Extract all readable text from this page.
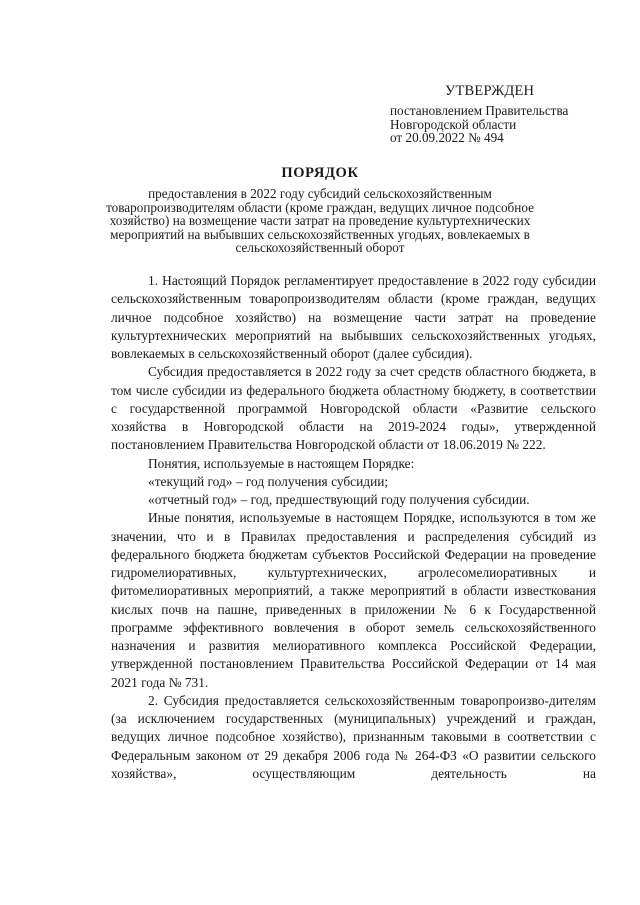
УТВЕРЖДЕН
постановлением Правительства
Новгородской области
от 20.09.2022 № 494
ПОРЯДОК
предоставления в 2022 году субсидий сельскохозяйственным
товаропроизводителям области (кроме граждан, ведущих личное подсобное
хозяйство) на возмещение части затрат на проведение культуртехнических
мероприятий на выбывших сельскохозяйственных угодьях, вовлекаемых в
сельскохозяйственный оборот

1. Настоящий Порядок регламентирует предоставление в 2022 году субсидии сельскохозяйственным товаропроизводителям области (кроме граждан, ведущих личное подсобное хозяйство) на возмещение части затрат на проведение культуртехнических мероприятий на выбывших сельскохозяйственных угодьях, вовлекаемых в сельскохозяйственный оборот (далее субсидия).

Субсидия предоставляется в 2022 году за счет средств областного бюджета, в том числе субсидии из федерального бюджета областному бюджету, в соответствии с государственной программой Новгородской области «Развитие сельского хозяйства в Новгородской области на 2019-2024 годы», утвержденной постановлением Правительства Новгородской области от 18.06.2019 № 222.

Понятия, используемые в настоящем Порядке:

«текущий год» – год получения субсидии;

«отчетный год» – год, предшествующий году получения субсидии.

Иные понятия, используемые в настоящем Порядке, используются в том же значении, что и в Правилах предоставления и распределения субсидий из федерального бюджета бюджетам субъектов Российской Федерации на проведение гидромелиоративных, культуртехнических, агролесомелиоративных и фитомелиоративных мероприятий, а также мероприятий в области известкования кислых почв на пашне, приведенных в приложении № 6 к Государственной программе эффективного вовлечения в оборот земель сельскохозяйственного назначения и развития мелиоративного комплекса Российской Федерации, утвержденной постановлением Правительства Российской Федерации от 14 мая 2021 года № 731.

2. Субсидия предоставляется сельскохозяйственным товаропроизво-дителям (за исключением государственных (муниципальных) учреждений и граждан, ведущих личное подсобное хозяйство), признанным таковыми в соответствии с Федеральным законом от 29 декабря 2006 года № 264-ФЗ «О развитии сельского хозяйства», осуществляющим деятельность на
